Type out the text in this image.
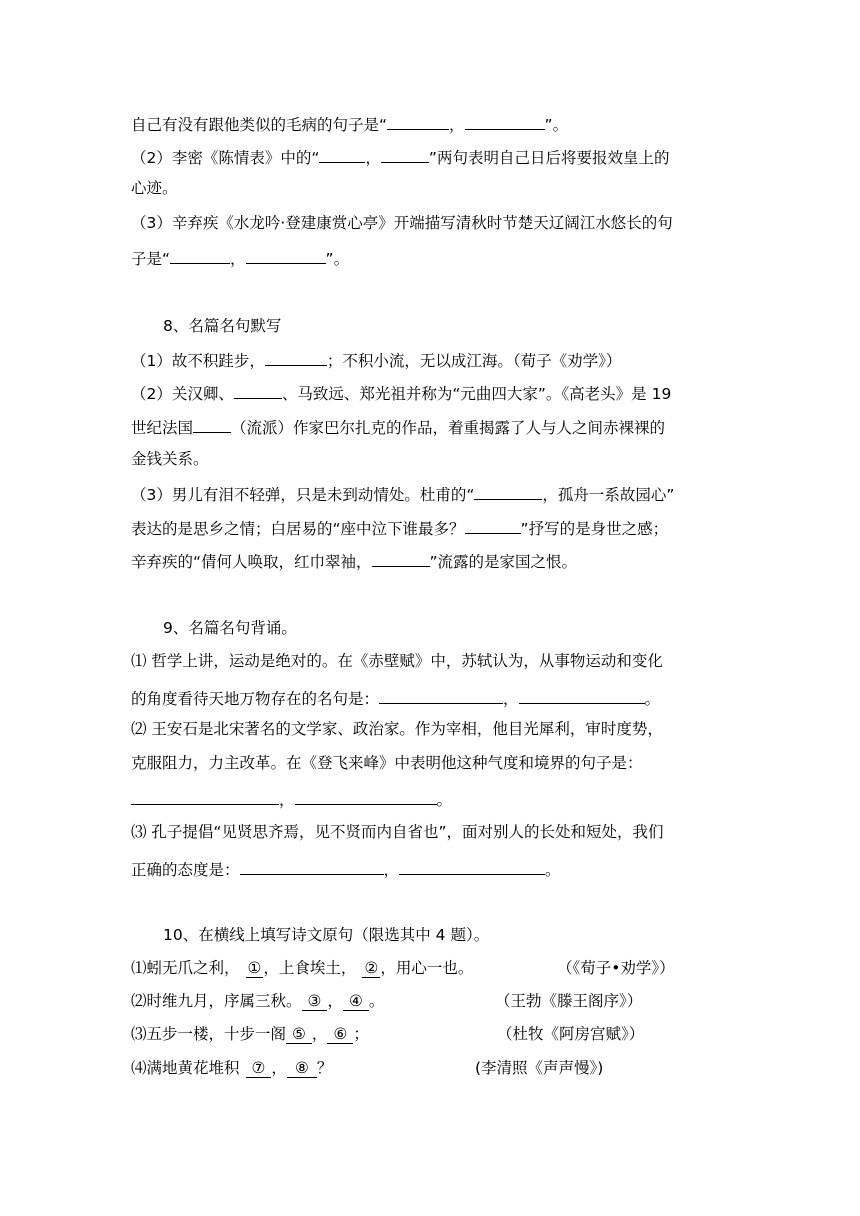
自己有没有跟他类似的毛病的句子是“	，	”。
（2）李密《陈情表》中的“	，	”两句表明自己日后将要报效皇上的
心迹。
（3）辛弃疾《水龙吟·登建康赏心亭》开端描写清秋时节楚天辽阔江水悠长的句
子是“	，	”。
8、名篇名句默写
（1）故不积跬步，	；不积小流，无以成江海。（荀子《劝学》）
（2）关汉卿、	、马致远、郑光祖并称为“元曲四大家”。《高老头》是 19
世纪法国 （流派）作家巴尔扎克的作品，着重揭露了人与人之间赤裸裸的
金钱关系。
（3）男儿有泪不轻弹，只是未到动情处。杜甫的“	，孤舟一系故园心”
表达的是思乡之情；白居易的“座中泣下谁最多？	”抒写的是身世之感；
辛弃疾的“倩何人唤取，红巾翠袖，	”流露的是家国之恨。
9、名篇名句背诵。
⑴ 哲学上讲，运动是绝对的。在《赤壁赋》中，苏轼认为，从事物运动和变化
的角度看待天地万物存在的名句是：	，	。
⑵ 王安石是北宋著名的文学家、政治家。作为宰相，他目光犀利，审时度势，
克服阻力，力主改革。在《登飞来峰》中表明他这种气度和境界的句子是：
，	。
⑶ 孔子提倡“见贤思齐焉，见不贤而内自省也”，面对别人的长处和短处，我们
正确的态度是：	，	。
10、在横线上填写诗文原句（限选其中 4 题）。
⑴蚓无爪之利， ① ，上食埃土， ② ，用心一也。	（《荀子•劝学》）
⑵时维九月，序属三秋。 ③ ， ④ 。	（王勃《滕王阁序》）
⑶五步一楼，十步一阁 ⑤ ， ⑥ ；	（杜牧《阿房宫赋》）
⑷满地黄花堆积 ⑦ ， ⑧ ？	(李清照《声声慢》)
